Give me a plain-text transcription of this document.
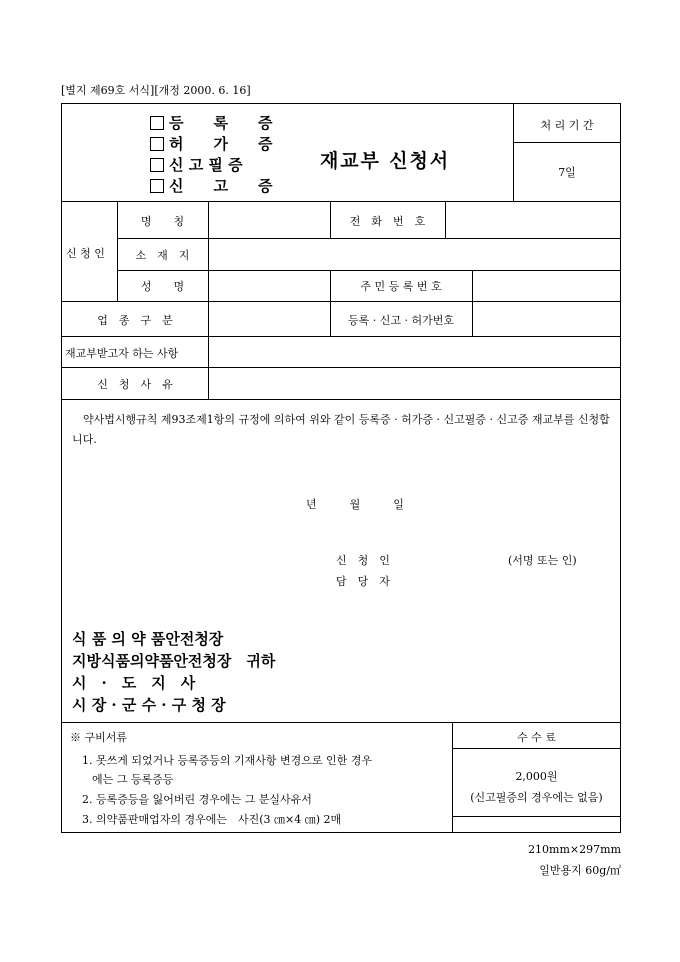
[별지 제69호 서식][개정 2000. 6. 16]
등　　록　　증
허　　가　　증
신 고 필 증
신　　고　　증
재교부 신청서
처 리 기 간
7일
신 청 인
명　　칭	전　화　번　호
소　재　지
성　　명	주 민 등 록 번 호
업　종　구　분	등록 · 신고 · 허가번호
재교부받고자 하는 사항
신　청　사　유
약사법시행규칙 제93조제1항의 규정에 의하여 위와 같이 등록증 · 허가증 · 신고필증 · 신고증 재교부를 신청합니다.
년　　　월　　　일
신　청　인
담　당　자
(서명 또는 인)
식 품 의 약 품안전청장
지방식품의약품안전청장　귀하
시　·　도　지　사
시 장 · 군 수 · 구 청 장
※ 구비서류
1. 못쓰게 되었거나 등록증등의 기재사항 변경으로 인한 경우
에는 그 등록증등
2. 등록증등을 잃어버린 경우에는 그 분실사유서
3. 의약품판매업자의 경우에는　사진(3 ㎝×4 ㎝) 2매
수 수 료
2,000원
(신고필증의 경우에는 없음)
210mm×297mm
일반용지 60g/㎡
